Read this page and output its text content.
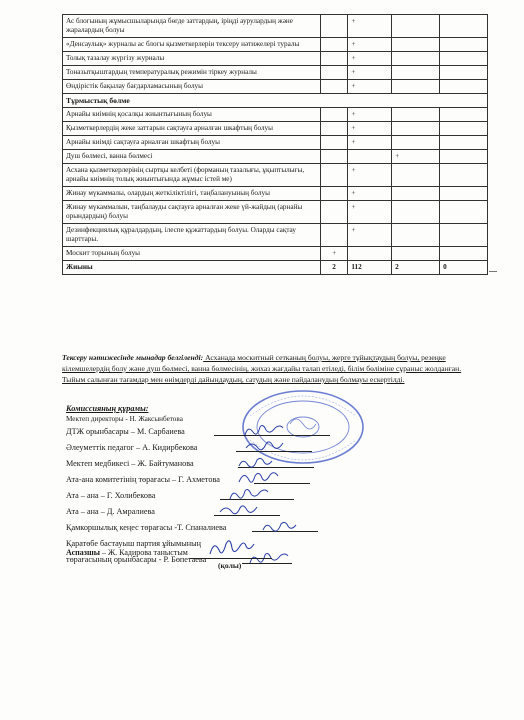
Ас блогының жұмысшыларында бөгде заттардың, іріңді аурулардың және жаралардың болуы		+		
«Денсаулық» журналы ас блогы қызметкерлерін тексеру нәтижелері туралы		+		
Толық тазалау жүргізу журналы		+		
Тоназытқыштардың температуралық режимін тіркеу журналы		+		
Өндірістік бақылау бағдарламасының болуы		+		
Тұрмыстық бөлме				
Арнайы киімнің қосалқы жиынтығының болуы		+		
Қызметкерлердің жеке заттарын сақтауға арналған шкафтың болуы		+		
Арнайы киімді сақтауға арналған шкафтың болуы		+		
Душ бөлмесі, ванна бөлмесі			+	
Асхана қызметкерлерінің сыртқы келбеті (форманың тазалығы, ұқыптылығы, арнайы киімнің толық жиынтығында жұмыс істей ме)		+		
Жинау мүкаммалы, олардың жеткіліктілігі, таңбалануының болуы		+		
Жинау мүкаммалын, таңбалауды сақтауға арналған жеке үй-жайдың (арнайы орындардың) болуы		+		
Дезинфекциялық құралдардың, ілеспе құжаттардың болуы. Оларды сақтау шарттары.		+		
Москит торының болуы	+			
Жиыны	2	112	2	0
Тексеру нәтижесінде мынадар белгіленді: Асханада москитный сетканың болуы, жерге тұйықтаудың болуы, резеңке кілемшелердің болу және душ бөлмесі, ванна бөлмесінің, жихаз жағдайы талап етіледі, білім бөліміне сұраныс жолданған.
Тыйым салынған тағамдар мен өнімдерді дайындаудың, сатудың және пайдаланудың болмауы ескертілді.
Комиссияның құрамы:
Мектеп директоры - Н. Жаксынбетова
ДТЖ орынбасары – М. Сарбаиева
Әлеуметтік педагог – А. Кидирбекова
Мектеп медбикесі – Ж. Байтуманова
Ата-ана комитетінің төрағасы – Г. Ахметова
Ата – ана – Г. Холибекова
Ата – ана – Д. Амралиева
Қамкоршылық кеңес төрағасы -Т. Спаналиева
Қаратөбе бастауыш партия ұйымының
төрағасының орынбасары - Р. Бөпетаева
Аспазшы – Ж. Кадирова таныстым
(қолы)
